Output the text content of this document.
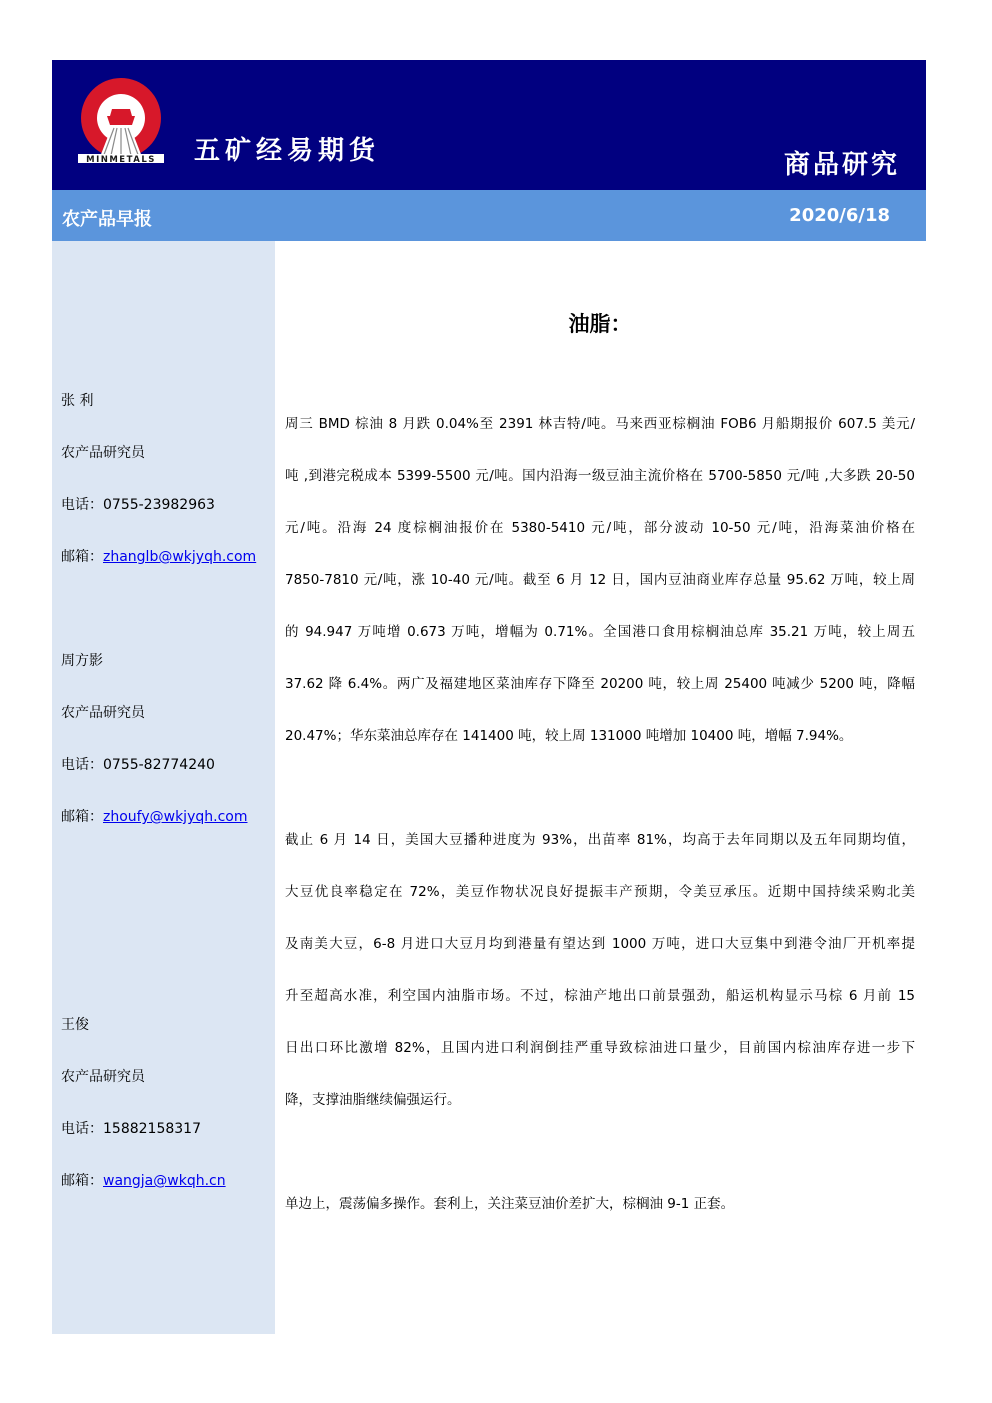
MINMETALS 五矿经易期货	商品研究
农产品早报	2020/6/18
张 利
农产品研究员
电话：0755-23982963
邮箱：zhanglb@wkjyqh.com
周方影
农产品研究员
电话：0755-82774240
邮箱：zhoufy@wkjyqh.com
王俊
农产品研究员
电话：15882158317
邮箱：wangja@wkqh.cn
油脂：
周三 BMD 棕油 8 月跌 0.04%至 2391 林吉特/吨。马来西亚棕榈油 FOB6 月船期报价 607.5 美元/
吨 ,到港完税成本 5399-5500 元/吨。国内沿海一级豆油主流价格在 5700-5850 元/吨 ,大多跌 20-50
元/吨。沿海 24 度棕榈油报价在 5380-5410 元/吨，部分波动 10-50 元/吨，沿海菜油价格在
7850-7810 元/吨，涨 10-40 元/吨。截至 6 月 12 日，国内豆油商业库存总量 95.62 万吨，较上周
的 94.947 万吨增 0.673 万吨，增幅为 0.71%。全国港口食用棕榈油总库 35.21 万吨，较上周五
37.62 降 6.4%。两广及福建地区菜油库存下降至 20200 吨，较上周 25400 吨减少 5200 吨，降幅
20.47%；华东菜油总库存在 141400 吨，较上周 131000 吨增加 10400 吨，增幅 7.94%。
截止 6 月 14 日，美国大豆播种进度为 93%，出苗率 81%，均高于去年同期以及五年同期均值，
大豆优良率稳定在 72%，美豆作物状况良好提振丰产预期，令美豆承压。近期中国持续采购北美
及南美大豆，6-8 月进口大豆月均到港量有望达到 1000 万吨，进口大豆集中到港令油厂开机率提
升至超高水准，利空国内油脂市场。不过，棕油产地出口前景强劲，船运机构显示马棕 6 月前 15
日出口环比激增 82%，且国内进口利润倒挂严重导致棕油进口量少，目前国内棕油库存进一步下
降，支撑油脂继续偏强运行。
单边上，震荡偏多操作。套利上，关注菜豆油价差扩大，棕榈油 9-1 正套。
